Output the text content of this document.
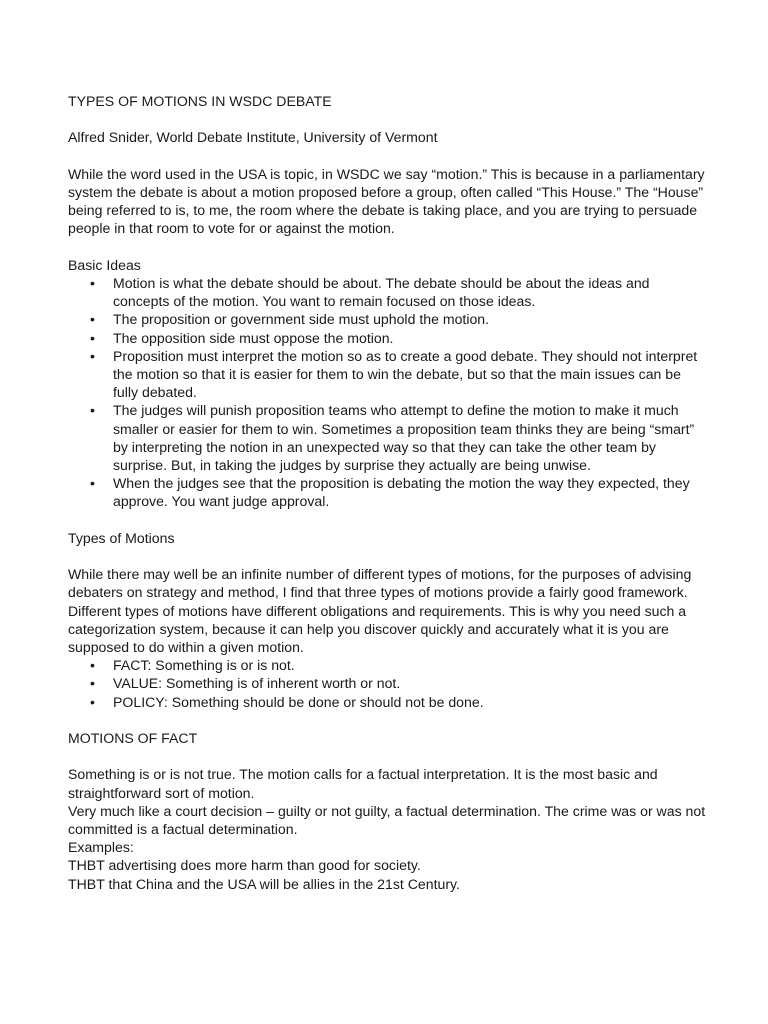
TYPES OF MOTIONS IN WSDC DEBATE

Alfred Snider, World Debate Institute, University of Vermont

While the word used in the USA is topic, in WSDC we say “motion.” This is because in a parliamentary system the debate is about a motion proposed before a group, often called “This House.” The “House” being referred to is, to me, the room where the debate is taking place, and you are trying to persuade people in that room to vote for or against the motion.

Basic Ideas

• Motion is what the debate should be about. The debate should be about the ideas and concepts of the motion. You want to remain focused on those ideas.
• The proposition or government side must uphold the motion.
• The opposition side must oppose the motion.
• Proposition must interpret the motion so as to create a good debate. They should not interpret the motion so that it is easier for them to win the debate, but so that the main issues can be fully debated.
• The judges will punish proposition teams who attempt to define the motion to make it much smaller or easier for them to win. Sometimes a proposition team thinks they are being “smart” by interpreting the notion in an unexpected way so that they can take the other team by surprise. But, in taking the judges by surprise they actually are being unwise.
• When the judges see that the proposition is debating the motion the way they expected, they approve. You want judge approval.

Types of Motions

While there may well be an infinite number of different types of motions, for the purposes of advising debaters on strategy and method, I find that three types of motions provide a fairly good framework.

Different types of motions have different obligations and requirements. This is why you need such a categorization system, because it can help you discover quickly and accurately what it is you are supposed to do within a given motion.

• FACT: Something is or is not.
• VALUE: Something is of inherent worth or not.
• POLICY: Something should be done or should not be done.

MOTIONS OF FACT

Something is or is not true. The motion calls for a factual interpretation. It is the most basic and straightforward sort of motion.

Very much like a court decision – guilty or not guilty, a factual determination. The crime was or was not committed is a factual determination.

Examples:

THBT advertising does more harm than good for society.

THBT that China and the USA will be allies in the 21st Century.
